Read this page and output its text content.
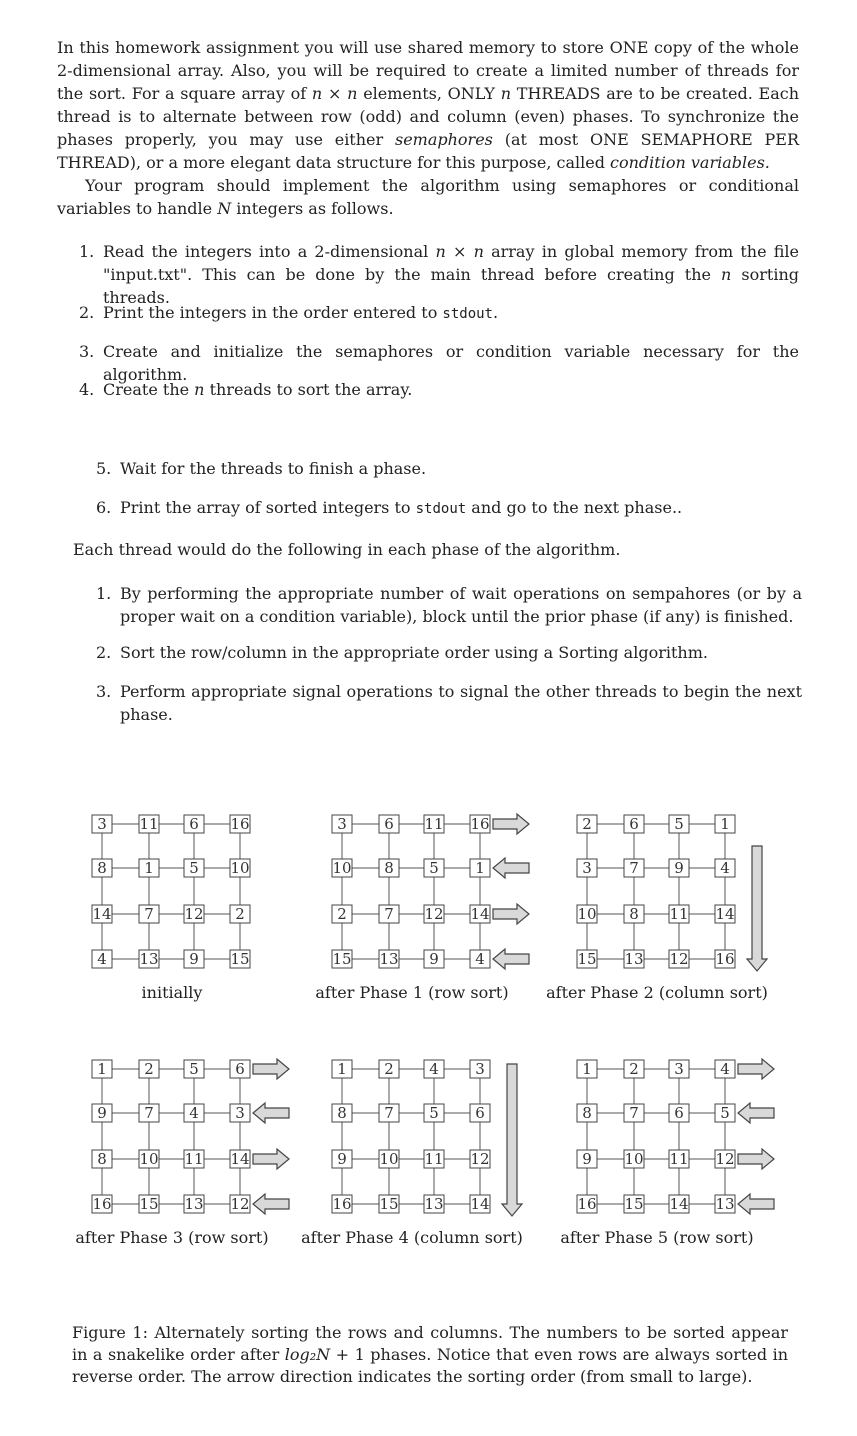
In this homework assignment you will use shared memory to store ONE copy of the whole 2-dimensional array. Also, you will be required to create a limited number of threads for the sort. For a square array of n × n elements, ONLY n THREADS are to be created. Each thread is to alternate between row (odd) and column (even) phases. To synchronize the phases properly, you may use either semaphores (at most ONE SEMAPHORE PER THREAD), or a more elegant data structure for this purpose, called condition variables.

Your program should implement the algorithm using semaphores or conditional variables to handle N integers as follows.

1. Read the integers into a 2-dimensional n × n array in global memory from the file "input.txt". This can be done by the main thread before creating the n sorting threads.
2. Print the integers in the order entered to stdout.
3. Create and initialize the semaphores or condition variable necessary for the algorithm.
4. Create the n threads to sort the array.
5. Wait for the threads to finish a phase.
6. Print the array of sorted integers to stdout and go to the next phase..
Each thread would do the following in each phase of the algorithm.
1. By performing the appropriate number of wait operations on sempahores (or by a proper wait on a condition variable), block until the prior phase (if any) is finished.
2. Sort the row/column in the appropriate order using a Sorting algorithm.
3. Perform appropriate signal operations to signal the other threads to begin the next phase.
3 11 6 16
8 1 5 10
14 7 12 2
4 13 9 15
initially
3 6 11 16
10 8 5 1
2 7 12 14
15 13 9 4
after Phase 1 (row sort)
2 6 5 1
3 7 9 4
10 8 11 14
15 13 12 16
after Phase 2 (column sort)
1 2 5 6
9 7 4 3
8 10 11 14
16 15 13 12
after Phase 3 (row sort)
1 2 4 3
8 7 5 6
9 10 11 12
16 15 13 14
after Phase 4 (column sort)
1 2 3 4
8 7 6 5
9 10 11 12
16 15 14 13
after Phase 5 (row sort)
Figure 1: Alternately sorting the rows and columns. The numbers to be sorted appear in a snakelike order after log₂N + 1 phases. Notice that even rows are always sorted in reverse order. The arrow direction indicates the sorting order (from small to large).
